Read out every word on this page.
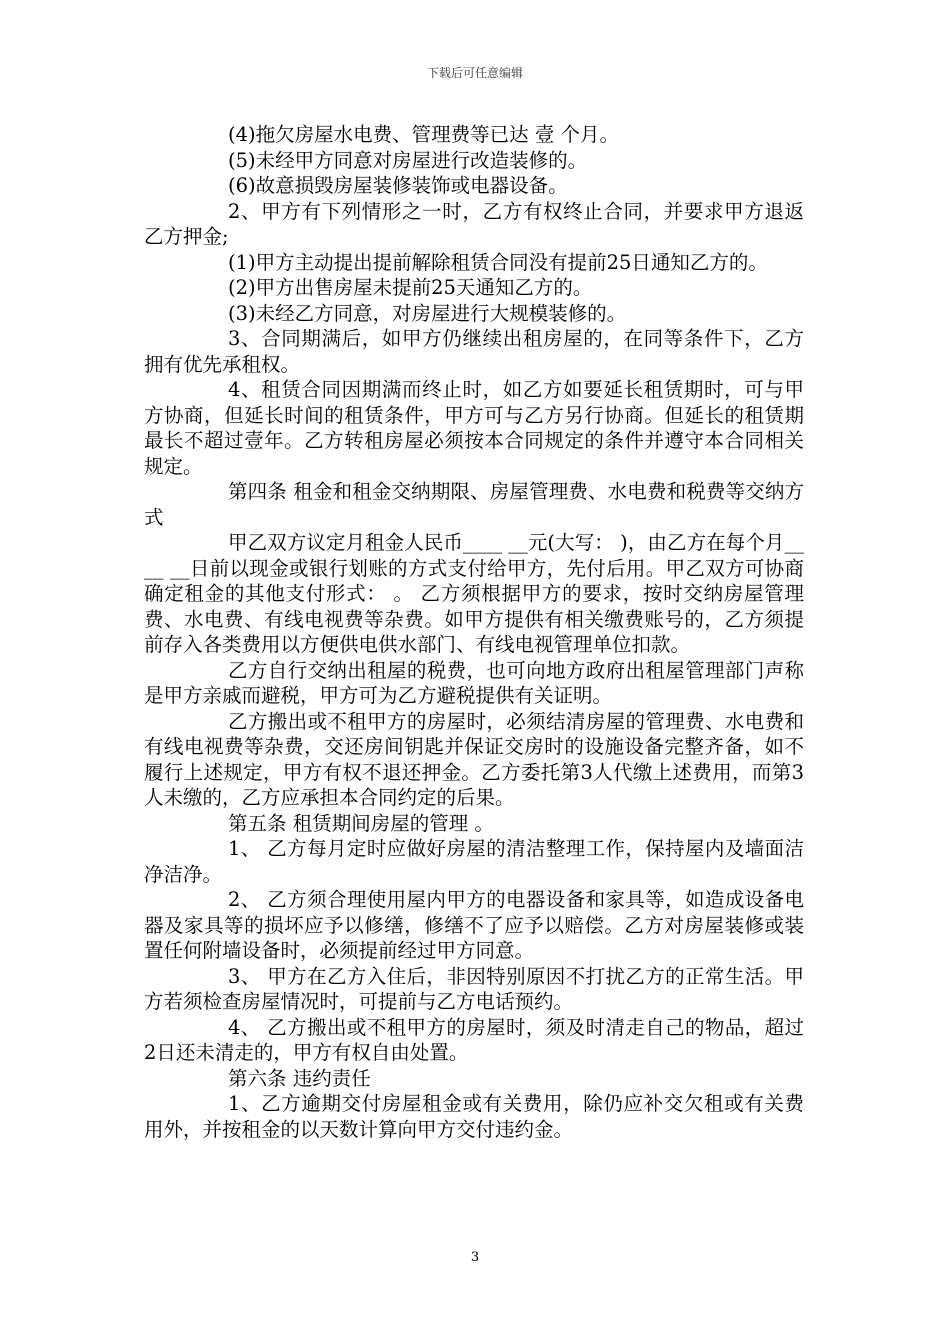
下载后可任意编辑

(4)拖欠房屋水电费、管理费等已达 壹 个月。

(5)未经甲方同意对房屋进行改造装修的。

(6)故意损毁房屋装修装饰或电器设备。

2、甲方有下列情形之一时，乙方有权终止合同，并要求甲方退返乙方押金;

(1)甲方主动提出提前解除租赁合同没有提前25日通知乙方的。

(2)甲方出售房屋未提前25天通知乙方的。

(3)未经乙方同意，对房屋进行大规模装修的。

3、合同期满后，如甲方仍继续出租房屋的，在同等条件下，乙方拥有优先承租权。

4、租赁合同因期满而终止时，如乙方如要延长租赁期时，可与甲方协商，但延长时间的租赁条件，甲方可与乙方另行协商。但延长的租赁期最长不超过壹年。乙方转租房屋必须按本合同规定的条件并遵守本合同相关规定。

第四条 租金和租金交纳期限、房屋管理费、水电费和税费等交纳方式

甲乙双方议定月租金人民币____ __元(大写： )，由乙方在每个月____ __日前以现金或银行划账的方式支付给甲方，先付后用。甲乙双方可协商确定租金的其他支付形式： 。 乙方须根据甲方的要求，按时交纳房屋管理费、水电费、有线电视费等杂费。如甲方提供有相关缴费账号的，乙方须提前存入各类费用以方便供电供水部门、有线电视管理单位扣款。

乙方自行交纳出租屋的税费，也可向地方政府出租屋管理部门声称是甲方亲戚而避税，甲方可为乙方避税提供有关证明。

乙方搬出或不租甲方的房屋时，必须结清房屋的管理费、水电费和有线电视费等杂费，交还房间钥匙并保证交房时的设施设备完整齐备，如不履行上述规定，甲方有权不退还押金。乙方委托第3人代缴上述费用，而第3人未缴的，乙方应承担本合同约定的后果。

第五条 租赁期间房屋的管理 。

1、 乙方每月定时应做好房屋的清洁整理工作，保持屋内及墙面洁净洁净。

2、 乙方须合理使用屋内甲方的电器设备和家具等，如造成设备电器及家具等的损坏应予以修缮，修缮不了应予以赔偿。乙方对房屋装修或装置任何附墙设备时，必须提前经过甲方同意。

3、 甲方在乙方入住后，非因特别原因不打扰乙方的正常生活。甲方若须检查房屋情况时，可提前与乙方电话预约。

4、 乙方搬出或不租甲方的房屋时，须及时清走自己的物品，超过2日还未清走的，甲方有权自由处置。

第六条 违约责任

1、乙方逾期交付房屋租金或有关费用，除仍应补交欠租或有关费用外，并按租金的以天数计算向甲方交付违约金。

3
